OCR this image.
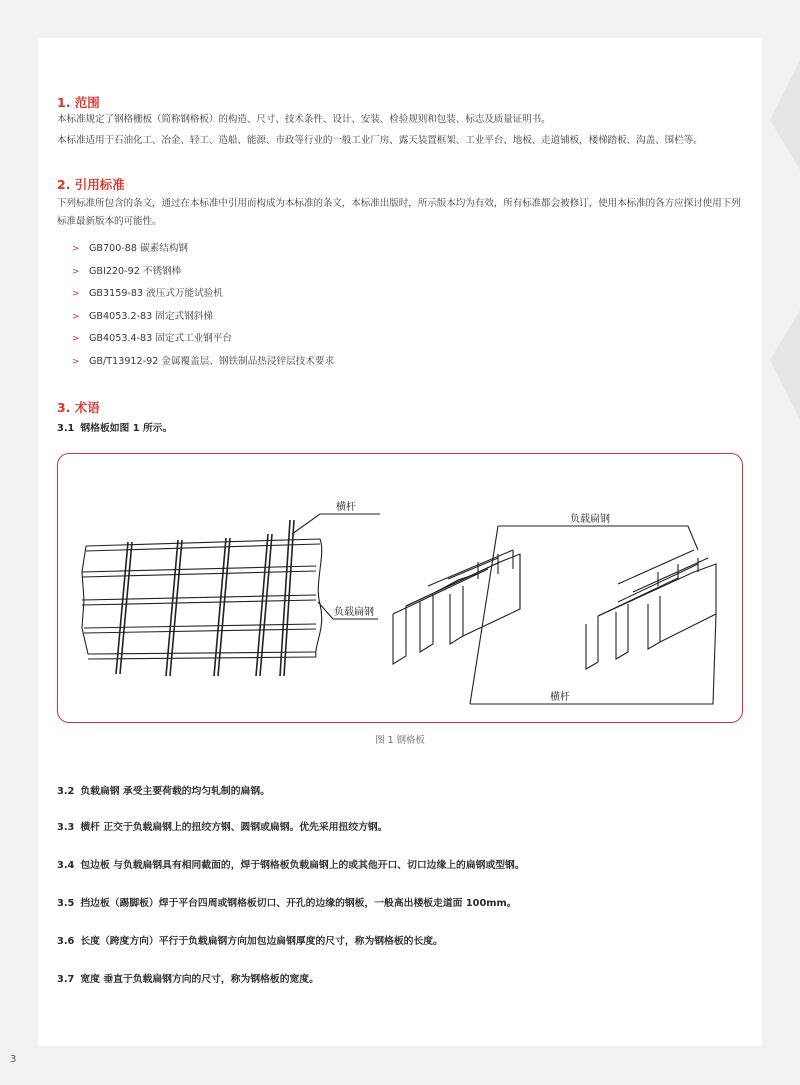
1. 范围

本标准规定了钢格栅板（简称钢格板）的构造、尺寸、技术条件、设计、安装、检验规则和包装、标志及质量证明书。

本标准适用于石油化工、冶金、轻工、造船、能源、市政等行业的一般工业厂房、露天装置框架、工业平台、地板、走道铺板，楼梯踏板、沟盖、围栏等。

2. 引用标准

下列标准所包含的条文，通过在本标准中引用而构成为本标准的条文，本标准出版时，所示版本均为有效，所有标准都会被修订，使用本标准的各方应探讨使用下列标准最新版本的可能性。

> GB700-88 碳素结构钢
> GBI220-92 不锈钢棒
> GB3159-83 液压式万能试验机
> GB4053.2-83 固定式钢斜梯
> GB4053.4-83 固定式工业钢平台
> GB/T13912-92 金属覆盖层、钢铁制品热浸锌层技术要求
3. 术语

3.1 钢格板如图 1 所示。

横杆
负载扁钢
负载扁钢
横杆
图 1 钢格板

3.2 负载扁钢 承受主要荷载的均匀轧制的扁钢。

3.3 横杆 正交于负载扁钢上的扭绞方钢、圆钢或扁钢。优先采用扭绞方钢。

3.4 包边板 与负载扁钢具有相同截面的，焊于钢格板负载扁钢上的或其他开口、切口边缘上的扁钢或型钢。

3.5 挡边板（踢脚板）焊于平台四周或钢格板切口、开孔的边缘的钢板，一般高出楼板走道面 100mm。

3.6 长度（跨度方向）平行于负载扁钢方向加包边扁钢厚度的尺寸，称为钢格板的长度。

3.7 宽度 垂直于负载扁钢方向的尺寸，称为钢格板的宽度。

3
